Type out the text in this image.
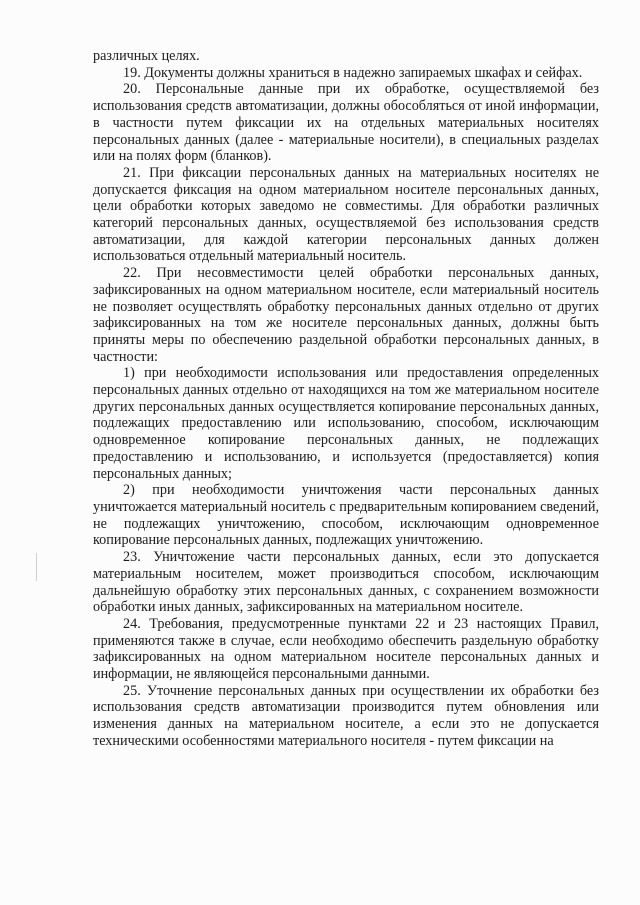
различных целях.

19. Документы должны храниться в надежно запираемых шкафах и сейфах.

20. Персональные данные при их обработке, осуществляемой без использования средств автоматизации, должны обособляться от иной информации, в частности путем фиксации их на отдельных материальных носителях персональных данных (далее - материальные носители), в специальных разделах или на полях форм (бланков).

21. При фиксации персональных данных на материальных носителях не допускается фиксация на одном материальном носителе персональных данных, цели обработки которых заведомо не совместимы. Для обработки различных категорий персональных данных, осуществляемой без использования средств автоматизации, для каждой категории персональных данных должен использоваться отдельный материальный носитель.

22. При несовместимости целей обработки персональных данных, зафиксированных на одном материальном носителе, если материальный носитель не позволяет осуществлять обработку персональных данных отдельно от других зафиксированных на том же носителе персональных данных, должны быть приняты меры по обеспечению раздельной обработки персональных данных, в частности:

1) при необходимости использования или предоставления определенных персональных данных отдельно от находящихся на том же материальном носителе других персональных данных осуществляется копирование персональных данных, подлежащих предоставлению или использованию, способом, исключающим одновременное копирование персональных данных, не подлежащих предоставлению и использованию, и используется (предоставляется) копия персональных данных;

2) при необходимости уничтожения части персональных данных уничтожается материальный носитель с предварительным копированием сведений, не подлежащих уничтожению, способом, исключающим одновременное копирование персональных данных, подлежащих уничтожению.

23. Уничтожение части персональных данных, если это допускается материальным носителем, может производиться способом, исключающим дальнейшую обработку этих персональных данных, с сохранением возможности обработки иных данных, зафиксированных на материальном носителе.

24. Требования, предусмотренные пунктами 22 и 23 настоящих Правил, применяются также в случае, если необходимо обеспечить раздельную обработку зафиксированных на одном материальном носителе персональных данных и информации, не являющейся персональными данными.

25. Уточнение персональных данных при осуществлении их обработки без использования средств автоматизации производится путем обновления или изменения данных на материальном носителе, а если это не допускается техническими особенностями материального носителя - путем фиксации на
